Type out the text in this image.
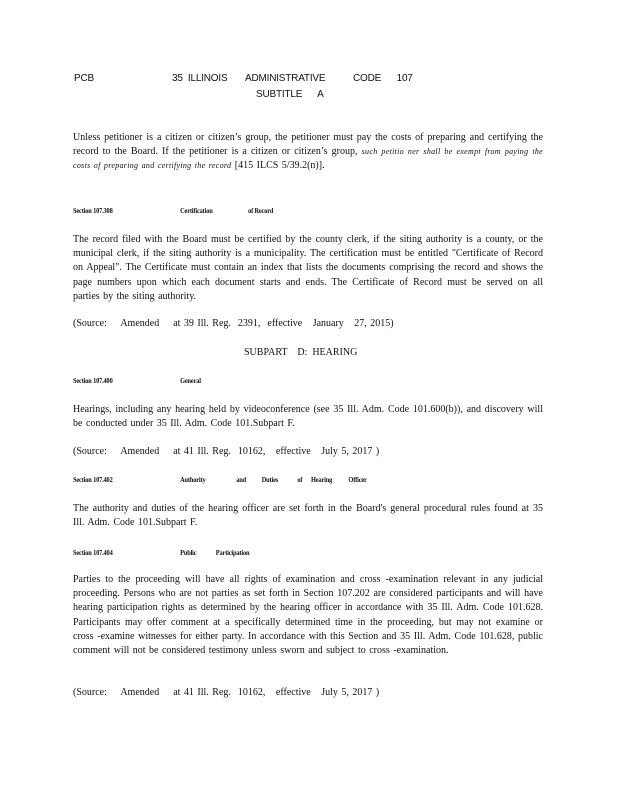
PCB	35 ILLINOIS ADMINISTRATIVE	CODE 107
SUBTITLE      A
Unless petitioner is a citizen or citizen’s group, the petitioner must pay the costs of preparing and certifying the record to the Board. If the petitioner is a citizen or citizen’s group, such petitio ner shall be exempt from paying the costs of preparing and certifying the record [415 ILCS 5/39.2(n)].
Section 107.308	Certification	of Record
The record filed with the Board must be certified by the county clerk, if the siting authority is a county, or the municipal clerk, if the siting authority is a municipality. The certification must be entitled "Certificate of Record on Appeal". The Certificate must contain an index that lists the documents comprising the record and shows the page numbers upon which each document starts and ends. The Certificate of Record must be served on all parties by the siting authority.
(Source:    Amended    at 39 Ill. Reg.  2391,  effective   January   27, 2015)
SUBPART    D:  HEARING
Section 107.400	General
Hearings, including any hearing held by videoconference (see 35 Ill. Adm. Code 101.600(b)), and discovery will be conducted under 35 Ill. Adm. Code 101.Subpart F.
(Source:    Amended    at 41 Ill. Reg.  10162,   effective   July 5, 2017 )
Section 107.402	Authority	and Duties	of Hearing Officer
The authority and duties of the hearing officer are set forth in the Board's general procedural rules found at 35 Ill. Adm. Code 101.Subpart F.
Section 107.404	Public	Participation
Parties to the proceeding will have all rights of examination and cross -examination relevant in any judicial proceeding. Persons who are not parties as set forth in Section 107.202 are considered participants and will have hearing participation rights as determined by the hearing officer in accordance with 35 Ill. Adm. Code 101.628. Participants may offer comment at a specifically determined time in the proceeding, but may not examine or cross -examine witnesses for either party. In accordance with this Section and 35 Ill. Adm. Code 101.628, public comment will not be considered testimony unless sworn and subject to cross -examination.
(Source:    Amended    at 41 Ill. Reg.  10162,   effective   July 5, 2017 )
